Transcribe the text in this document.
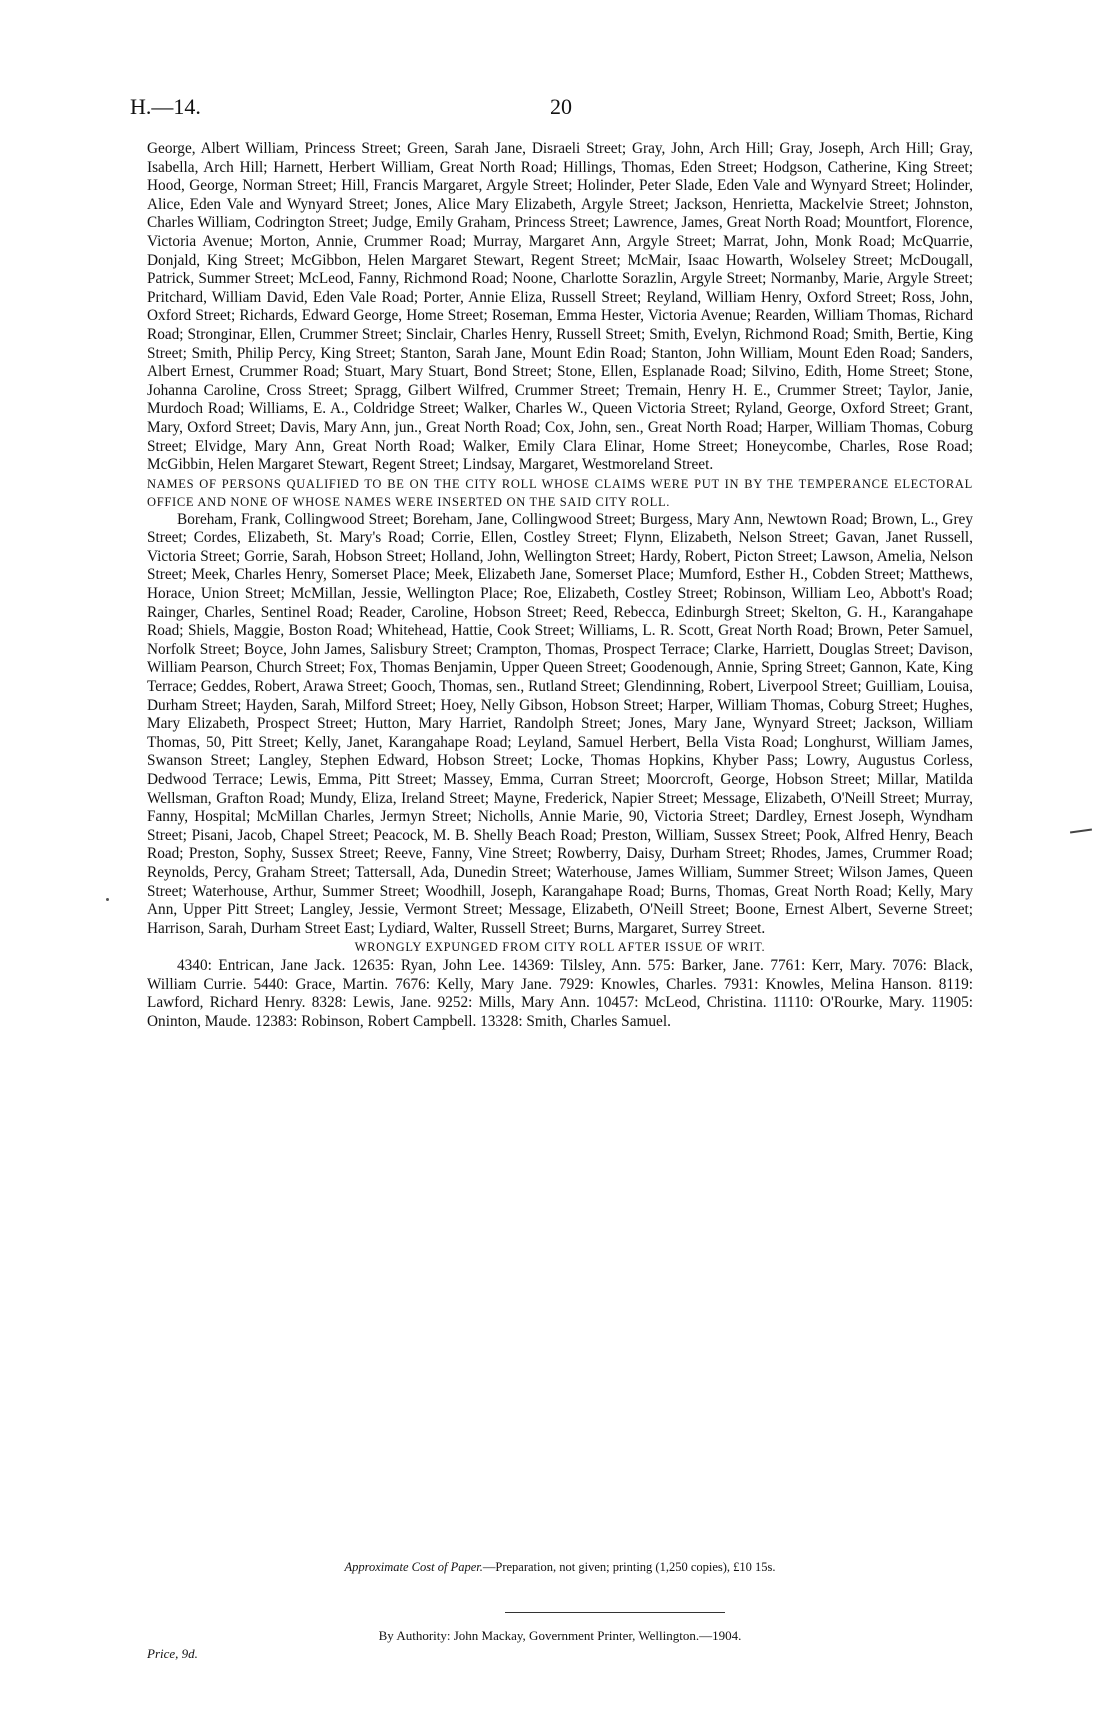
H.—14.	20

George, Albert William, Princess Street; Green, Sarah Jane, Disraeli Street; Gray, John, Arch Hill; Gray, Joseph, Arch Hill; Gray, Isabella, Arch Hill; Harnett, Herbert William, Great North Road; Hillings, Thomas, Eden Street; Hodgson, Catherine, King Street; Hood, George, Norman Street; Hill, Francis Margaret, Argyle Street; Holinder, Peter Slade, Eden Vale and Wynyard Street; Holinder, Alice, Eden Vale and Wynyard Street; Jones, Alice Mary Elizabeth, Argyle Street; Jackson, Henrietta, Mackelvie Street; Johnston, Charles William, Codrington Street; Judge, Emily Graham, Princess Street; Lawrence, James, Great North Road; Mountfort, Florence, Victoria Avenue; Morton, Annie, Crummer Road; Murray, Margaret Ann, Argyle Street; Marrat, John, Monk Road; McQuarrie, Donjald, King Street; McGibbon, Helen Margaret Stewart, Regent Street; McMair, Isaac Howarth, Wolseley Street; McDougall, Patrick, Summer Street; McLeod, Fanny, Richmond Road; Noone, Charlotte Sorazlin, Argyle Street; Normanby, Marie, Argyle Street; Pritchard, William David, Eden Vale Road; Porter, Annie Eliza, Russell Street; Reyland, William Henry, Oxford Street; Ross, John, Oxford Street; Richards, Edward George, Home Street; Roseman, Emma Hester, Victoria Avenue; Rearden, William Thomas, Richard Road; Stronginar, Ellen, Crummer Street; Sinclair, Charles Henry, Russell Street; Smith, Evelyn, Richmond Road; Smith, Bertie, King Street; Smith, Philip Percy, King Street; Stanton, Sarah Jane, Mount Edin Road; Stanton, John William, Mount Eden Road; Sanders, Albert Ernest, Crummer Road; Stuart, Mary Stuart, Bond Street; Stone, Ellen, Esplanade Road; Silvino, Edith, Home Street; Stone, Johanna Caroline, Cross Street; Spragg, Gilbert Wilfred, Crummer Street; Tremain, Henry H. E., Crummer Street; Taylor, Janie, Murdoch Road; Williams, E. A., Coldridge Street; Walker, Charles W., Queen Victoria Street; Ryland, George, Oxford Street; Grant, Mary, Oxford Street; Davis, Mary Ann, jun., Great North Road; Cox, John, sen., Great North Road; Harper, William Thomas, Coburg Street; Elvidge, Mary Ann, Great North Road; Walker, Emily Clara Elinar, Home Street; Honeycombe, Charles, Rose Road; McGibbin, Helen Margaret Stewart, Regent Street; Lindsay, Margaret, Westmoreland Street.

NAMES OF PERSONS QUALIFIED TO BE ON THE CITY ROLL WHOSE CLAIMS WERE PUT IN BY THE TEMPERANCE ELECTORAL OFFICE AND NONE OF WHOSE NAMES WERE INSERTED ON THE SAID CITY ROLL.

Boreham, Frank, Collingwood Street; Boreham, Jane, Collingwood Street; Burgess, Mary Ann, Newtown Road; Brown, L., Grey Street; Cordes, Elizabeth, St. Mary's Road; Corrie, Ellen, Costley Street; Flynn, Elizabeth, Nelson Street; Gavan, Janet Russell, Victoria Street; Gorrie, Sarah, Hobson Street; Holland, John, Wellington Street; Hardy, Robert, Picton Street; Lawson, Amelia, Nelson Street; Meek, Charles Henry, Somerset Place; Meek, Elizabeth Jane, Somerset Place; Mumford, Esther H., Cobden Street; Matthews, Horace, Union Street; McMillan, Jessie, Wellington Place; Roe, Elizabeth, Costley Street; Robinson, William Leo, Abbott's Road; Rainger, Charles, Sentinel Road; Reader, Caroline, Hobson Street; Reed, Rebecca, Edinburgh Street; Skelton, G. H., Karangahape Road; Shiels, Maggie, Boston Road; Whitehead, Hattie, Cook Street; Williams, L. R. Scott, Great North Road; Brown, Peter Samuel, Norfolk Street; Boyce, John James, Salisbury Street; Crampton, Thomas, Prospect Terrace; Clarke, Harriett, Douglas Street; Davison, William Pearson, Church Street; Fox, Thomas Benjamin, Upper Queen Street; Goodenough, Annie, Spring Street; Gannon, Kate, King Terrace; Geddes, Robert, Arawa Street; Gooch, Thomas, sen., Rutland Street; Glendinning, Robert, Liverpool Street; Guilliam, Louisa, Durham Street; Hayden, Sarah, Milford Street; Hoey, Nelly Gibson, Hobson Street; Harper, William Thomas, Coburg Street; Hughes, Mary Elizabeth, Prospect Street; Hutton, Mary Harriet, Randolph Street; Jones, Mary Jane, Wynyard Street; Jackson, William Thomas, 50, Pitt Street; Kelly, Janet, Karangahape Road; Leyland, Samuel Herbert, Bella Vista Road; Longhurst, William James, Swanson Street; Langley, Stephen Edward, Hobson Street; Locke, Thomas Hopkins, Khyber Pass; Lowry, Augustus Corless, Dedwood Terrace; Lewis, Emma, Pitt Street; Massey, Emma, Curran Street; Moorcroft, George, Hobson Street; Millar, Matilda Wellsman, Grafton Road; Mundy, Eliza, Ireland Street; Mayne, Frederick, Napier Street; Message, Elizabeth, O'Neill Street; Murray, Fanny, Hospital; McMillan Charles, Jermyn Street; Nicholls, Annie Marie, 90, Victoria Street; Dardley, Ernest Joseph, Wyndham Street; Pisani, Jacob, Chapel Street; Peacock, M. B. Shelly Beach Road; Preston, William, Sussex Street; Pook, Alfred Henry, Beach Road; Preston, Sophy, Sussex Street; Reeve, Fanny, Vine Street; Rowberry, Daisy, Durham Street; Rhodes, James, Crummer Road; Reynolds, Percy, Graham Street; Tattersall, Ada, Dunedin Street; Waterhouse, James William, Summer Street; Wilson James, Queen Street; Waterhouse, Arthur, Summer Street; Woodhill, Joseph, Karangahape Road; Burns, Thomas, Great North Road; Kelly, Mary Ann, Upper Pitt Street; Langley, Jessie, Vermont Street; Message, Elizabeth, O'Neill Street; Boone, Ernest Albert, Severne Street; Harrison, Sarah, Durham Street East; Lydiard, Walter, Russell Street; Burns, Margaret, Surrey Street.

WRONGLY EXPUNGED FROM CITY ROLL AFTER ISSUE OF WRIT.

4340: Entrican, Jane Jack. 12635: Ryan, John Lee. 14369: Tilsley, Ann. 575: Barker, Jane. 7761: Kerr, Mary. 7076: Black, William Currie. 5440: Grace, Martin. 7676: Kelly, Mary Jane. 7929: Knowles, Charles. 7931: Knowles, Melina Hanson. 8119: Lawford, Richard Henry. 8328: Lewis, Jane. 9252: Mills, Mary Ann. 10457: McLeod, Christina. 11110: O'Rourke, Mary. 11905: Oninton, Maude. 12383: Robinson, Robert Campbell. 13328: Smith, Charles Samuel.

Approximate Cost of Paper.—Preparation, not given; printing (1,250 copies), £10 15s.
By Authority: John Mackay, Government Printer, Wellington.—1904.
Price, 9d.
